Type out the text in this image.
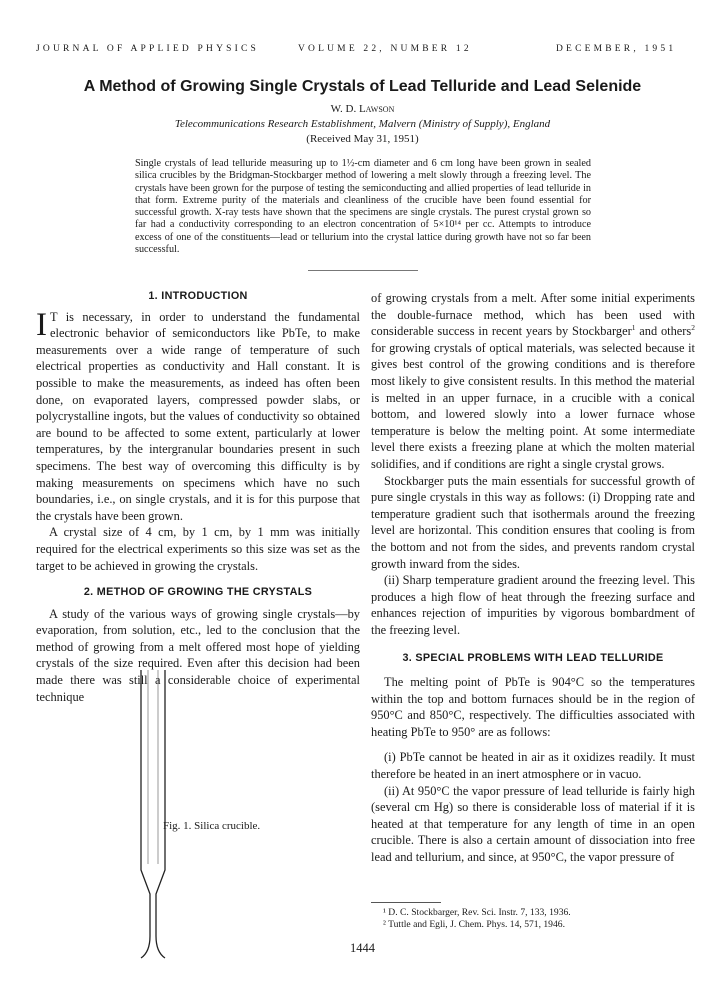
JOURNAL OF APPLIED PHYSICS	VOLUME 22, NUMBER 12	DECEMBER, 1951
A Method of Growing Single Crystals of Lead Telluride and Lead Selenide
W. D. Lawson
Telecommunications Research Establishment, Malvern (Ministry of Supply), England
(Received May 31, 1951)
Single crystals of lead telluride measuring up to 1½-cm diameter and 6 cm long have been grown in sealed silica crucibles by the Bridgman-Stockbarger method of lowering a melt slowly through a freezing level. The crystals have been grown for the purpose of testing the semiconducting and allied properties of lead telluride in that form. Extreme purity of the materials and cleanliness of the crucible have been found essential for successful growth. X-ray tests have shown that the specimens are single crystals. The purest crystal grown so far had a conductivity corresponding to an electron concentration of 5×10¹⁴ per cc. Attempts to introduce excess of one of the constituents—lead or tellurium into the crystal lattice during growth have not so far been successful.
1. INTRODUCTION

I T is necessary, in order to understand the fundamental electronic behavior of semiconductors like PbTe, to make measurements over a wide range of temperature of such electrical properties as conductivity and Hall constant. It is possible to make the measurements, as indeed has often been done, on evaporated layers, compressed powder slabs, or polycrystalline ingots, but the values of conductivity so obtained are bound to be affected to some extent, particularly at lower temperatures, by the intergranular boundaries present in such specimens. The best way of overcoming this difficulty is by making measurements on specimens which have no such boundaries, i.e., on single crystals, and it is for this purpose that the crystals have been grown.

A crystal size of 4 cm, by 1 cm, by 1 mm was initially required for the electrical experiments so this size was set as the target to be achieved in growing the crystals.

2. METHOD OF GROWING THE CRYSTALS

A study of the various ways of growing single crystals—by evaporation, from solution, etc., led to the conclusion that the method of growing from a melt offered most hope of yielding crystals of the size required. Even after this decision had been made there was still a considerable choice of experimental technique

Fig. 1. Silica crucible.

of growing crystals from a melt. After some initial experiments the double-furnace method, which has been used with considerable success in recent years by Stockbarger$^1$ and others$^2$ for growing crystals of optical materials, was selected because it gives best control of the growing conditions and is therefore most likely to give consistent results. In this method the material is melted in an upper furnace, in a crucible with a conical bottom, and lowered slowly into a lower furnace whose temperature is below the melting point. At some intermediate level there exists a freezing plane at which the molten material solidifies, and if conditions are right a single crystal grows.

Stockbarger puts the main essentials for successful growth of pure single crystals in this way as follows: (i) Dropping rate and temperature gradient such that isothermals around the freezing level are horizontal. This condition ensures that cooling is from the bottom and not from the sides, and prevents random crystal growth inward from the sides.

(ii) Sharp temperature gradient around the freezing level. This produces a high flow of heat through the freezing surface and enhances rejection of impurities by vigorous bombardment of the freezing level.

3. SPECIAL PROBLEMS WITH LEAD TELLURIDE

The melting point of PbTe is 904°C so the temperatures within the top and bottom furnaces should be in the region of 950°C and 850°C, respectively. The difficulties associated with heating PbTe to 950° are as follows:

(i) PbTe cannot be heated in air as it oxidizes readily. It must therefore be heated in an inert atmosphere or in vacuo.

(ii) At 950°C the vapor pressure of lead telluride is fairly high (several cm Hg) so there is considerable loss of material if it is heated at that temperature for any length of time in an open crucible. There is also a certain amount of dissociation into free lead and tellurium, and since, at 950°C, the vapor pressure of

¹ D. C. Stockbarger, Rev. Sci. Instr. 7, 133, 1936.
² Tuttle and Egli, J. Chem. Phys. 14, 571, 1946.
1444
